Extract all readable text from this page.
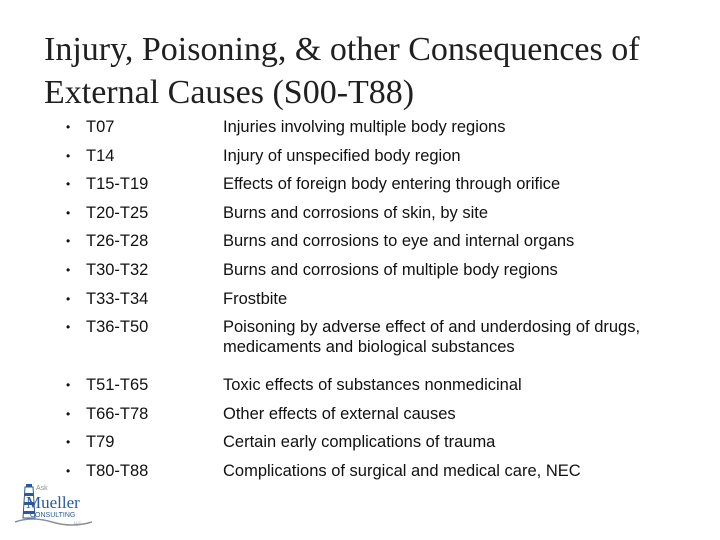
Injury, Poisoning, & other Consequences of External Causes (S00-T88)
• T07
• T14
• T15-T19
• T20-T25
• T26-T28
• T30-T32
• T33-T34
• T36-T50
• T51-T65
• T66-T78
• T79
• T80-T88
Injuries involving multiple body regions
Injury of unspecified body region
Effects of foreign body entering through orifice
Burns and corrosions of skin, by site
Burns and corrosions to eye and internal organs
Burns and corrosions of multiple body regions
Frostbite
Poisoning by adverse effect of and underdosing of drugs, medicaments and biological substances
Toxic effects of substances nonmedicinal
Other effects of external causes
Certain early complications of trauma
Complications of surgical and medical care, NEC
Ask
Mueller
CONSULTING
LLC
